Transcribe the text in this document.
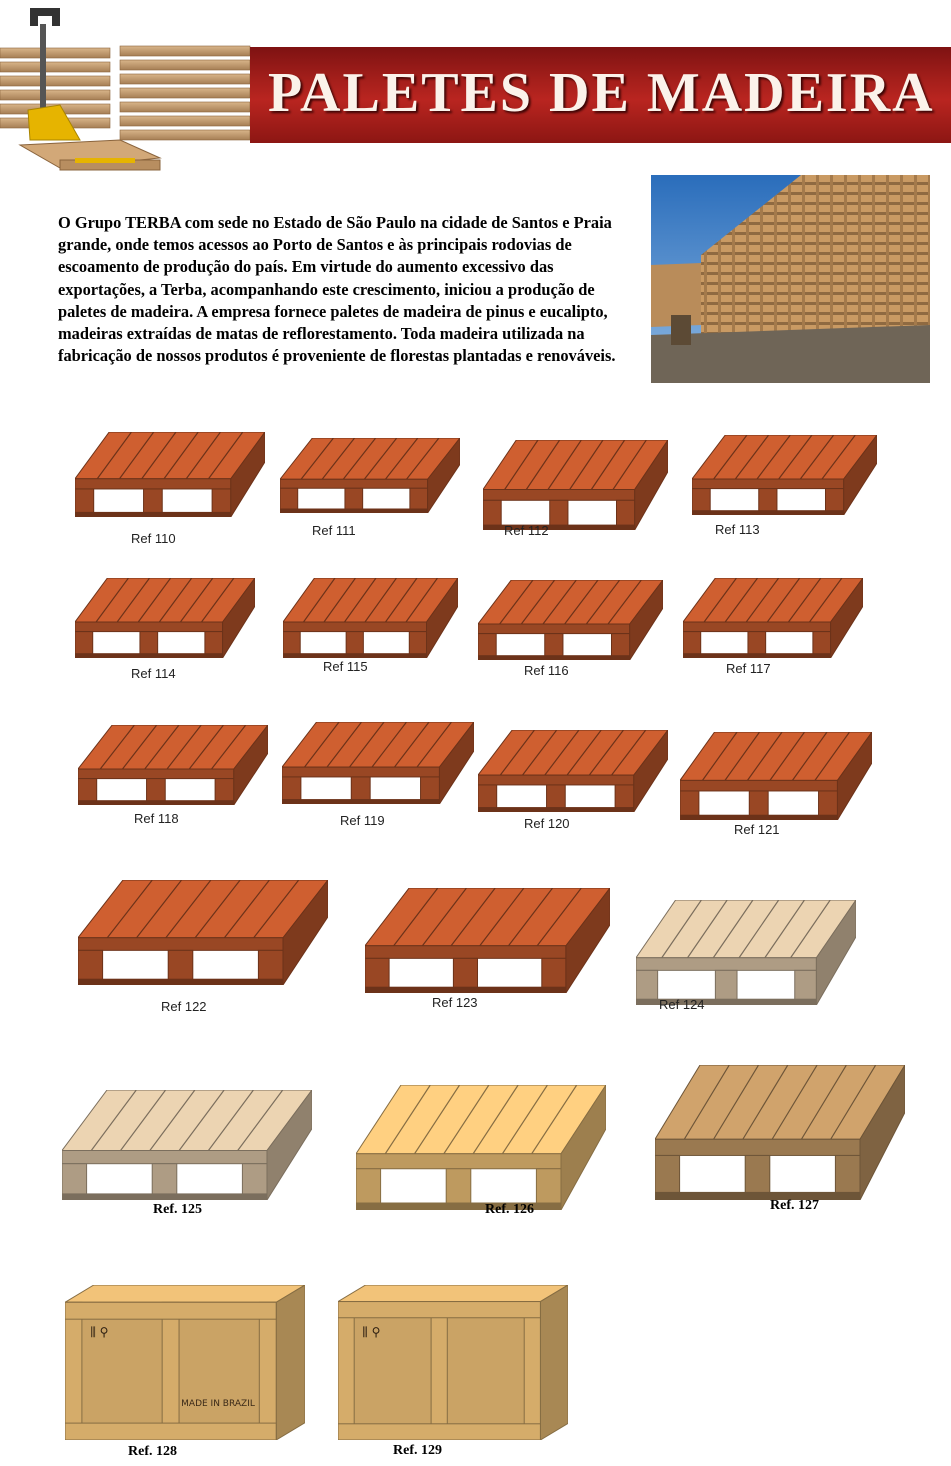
PALETES DE MADEIRA
O Grupo TERBA com sede no Estado de São Paulo na cidade de Santos e Praia grande, onde temos acessos ao Porto de Santos e às principais rodovias de escoamento de produção do país. Em virtude do aumento excessivo das exportações, a Terba, acompanhando este crescimento, iniciou a produção de paletes de madeira. A empresa fornece paletes de madeira de pinus e eucalipto, madeiras extraídas de matas de reflorestamento. Toda madeira utilizada na fabricação de nossos produtos é proveniente de florestas plantadas e renováveis.
Ref 110
Ref 111	Ref 112	Ref 113
Ref 114	Ref 115	Ref 116	Ref 117
Ref 118	Ref 119	Ref 120	Ref 121
Ref 122	Ref 123	Ref 124
Ref. 125	Ref. 126	Ref. 127
⫼ ⚲
MADE IN BRAZIL
Ref. 128
⫼ ⚲
Ref. 129
